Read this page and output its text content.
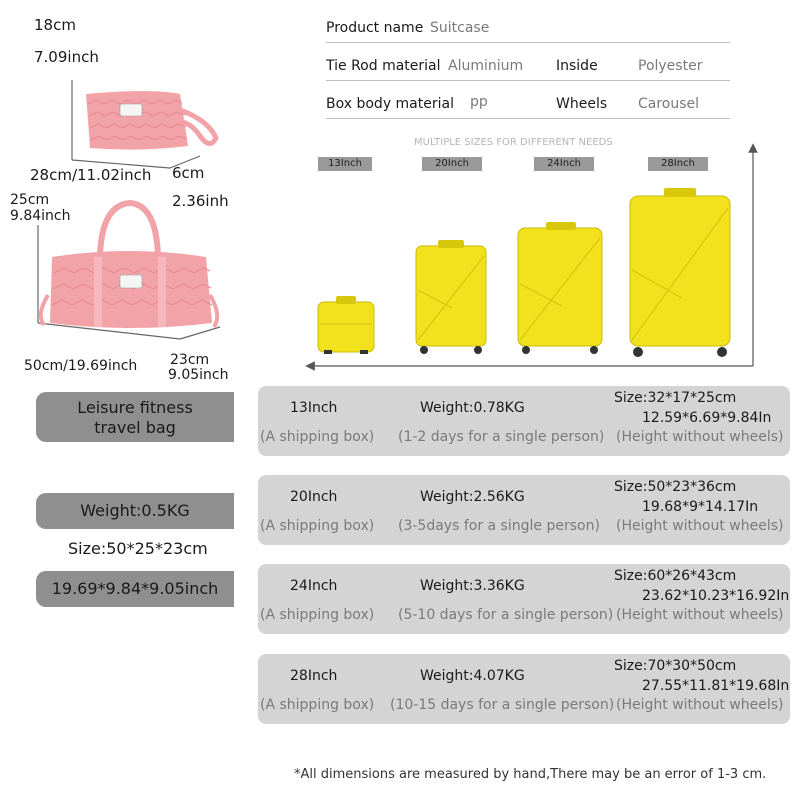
18cm
7.09inch
28cm/11.02inch 6cm
2.36inh
25cm
9.84inch
50cm/19.69inch 23cm
9.05inch
Product name Suitcase
Tie Rod material Aluminium Inside	Polyester
Box body material pp	Wheels Carousel
MULTIPLE SIZES FOR DIFFERENT NEEDS
13Inch	20Inch	24Inch	28Inch
Leisure fitness
travel bag
Weight:0.5KG
Size:50*25*23cm
19.69*9.84*9.05inch
13Inch	Weight:0.78KG
Size:32*17*25cm
12.59*6.69*9.84In
(A shipping box) (1-2 days for a single person) (Height without wheels)
20Inch	Weight:2.56KG
Size:50*23*36cm
19.68*9*14.17In
(A shipping box) (3-5days for a single person) (Height without wheels)
24Inch	Weight:3.36KG
Size:60*26*43cm
23.62*10.23*16.92In
(A shipping box) (5-10 days for a single person) (Height without wheels)
28Inch	Weight:4.07KG
Size:70*30*50cm
27.55*11.81*19.68In
(A shipping box) (10-15 days for a single person) (Height without wheels)
*All dimensions are measured by hand,There may be an error of 1-3 cm.
